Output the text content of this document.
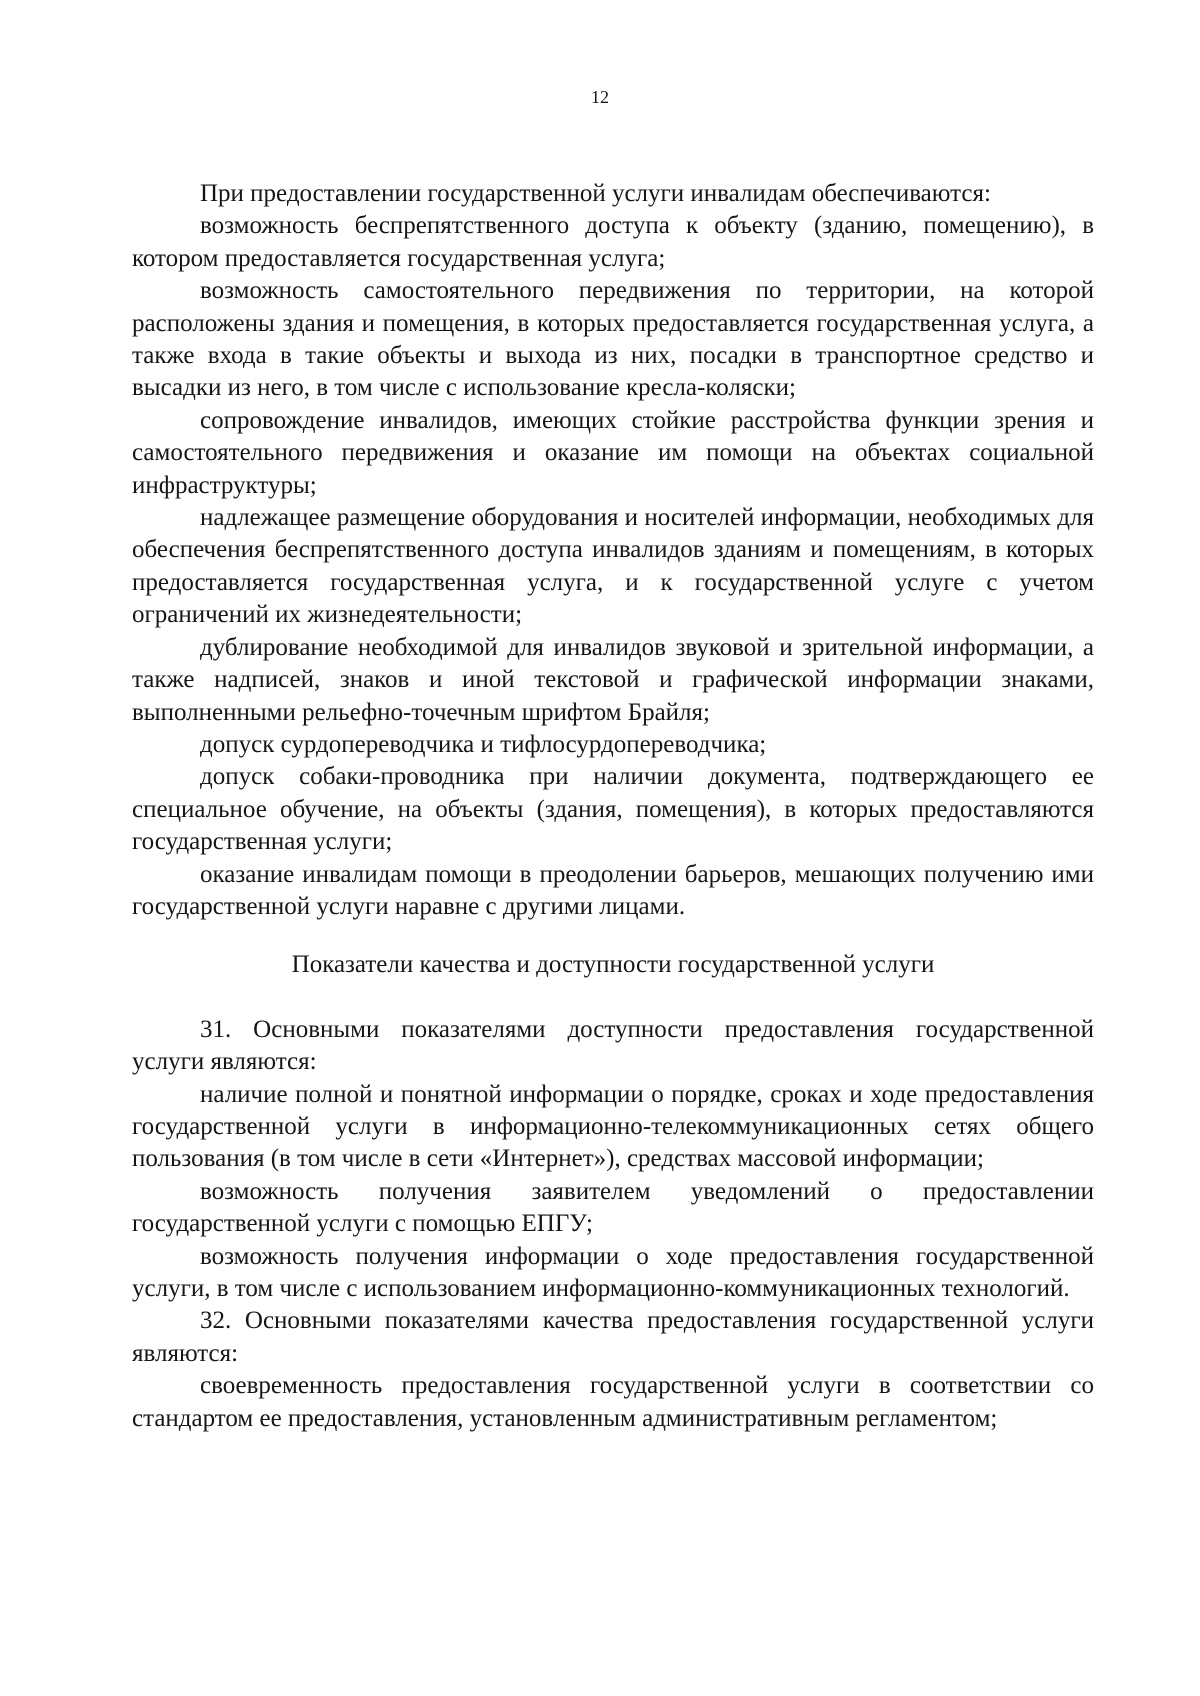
12

При предоставлении государственной услуги инвалидам обеспечиваются:

возможность беспрепятственного доступа к объекту (зданию, помещению), в котором предоставляется государственная услуга;

возможность самостоятельного передвижения по территории, на которой расположены здания и помещения, в которых предоставляется государственная услуга, а также входа в такие объекты и выхода из них, посадки в транспортное средство и высадки из него, в том числе с использование кресла-коляски;

сопровождение инвалидов, имеющих стойкие расстройства функции зрения и самостоятельного передвижения и оказание им помощи на объектах социальной инфраструктуры;

надлежащее размещение оборудования и носителей информации, необходимых для обеспечения беспрепятственного доступа инвалидов зданиям и помещениям, в которых предоставляется государственная услуга, и к государственной услуге с учетом ограничений их жизнедеятельности;

дублирование необходимой для инвалидов звуковой и зрительной информации, а также надписей, знаков и иной текстовой и графической информации знаками, выполненными рельефно-точечным шрифтом Брайля;

допуск сурдопереводчика и тифлосурдопереводчика;

допуск собаки-проводника при наличии документа, подтверждающего ее специальное обучение, на объекты (здания, помещения), в которых предоставляются государственная услуги;

оказание инвалидам помощи в преодолении барьеров, мешающих получению ими государственной услуги наравне с другими лицами.

Показатели качества и доступности государственной услуги

31. Основными показателями доступности предоставления государственной услуги являются:

наличие полной и понятной информации о порядке, сроках и ходе предоставления государственной услуги в информационно-телекоммуникационных сетях общего пользования (в том числе в сети «Интернет»), средствах массовой информации;

возможность получения заявителем уведомлений о предоставлении государственной услуги с помощью ЕПГУ;

возможность получения информации о ходе предоставления государственной услуги, в том числе с использованием информационно-коммуникационных технологий.

32. Основными показателями качества предоставления государственной услуги являются:

своевременность предоставления государственной услуги в соответствии со стандартом ее предоставления, установленным административным регламентом;
